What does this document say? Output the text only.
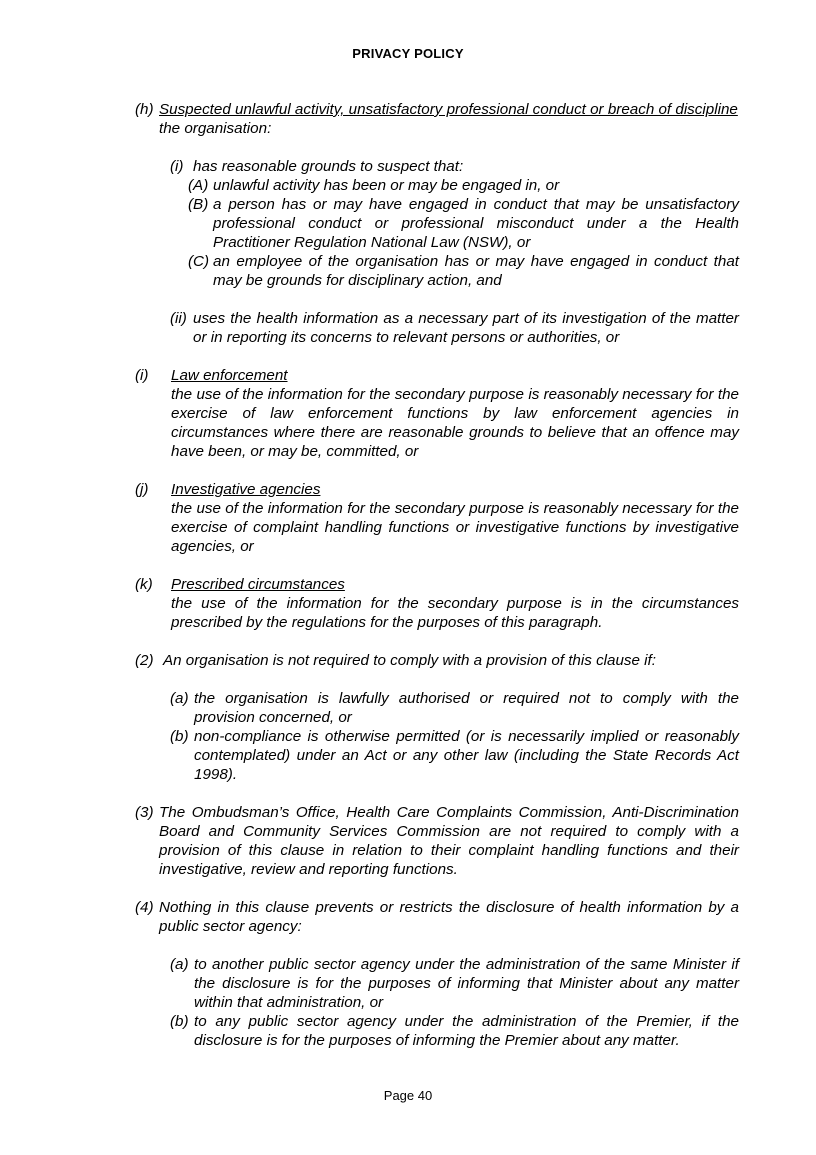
PRIVACY POLICY
(h) Suspected unlawful activity, unsatisfactory professional conduct or breach of discipline
the organisation:
(i) has reasonable grounds to suspect that:
(A) unlawful activity has been or may be engaged in, or
(B) a person has or may have engaged in conduct that may be unsatisfactory professional conduct or professional misconduct under a the Health Practitioner Regulation National Law (NSW), or
(C) an employee of the organisation has or may have engaged in conduct that may be grounds for disciplinary action, and
(ii) uses the health information as a necessary part of its investigation of the matter or in reporting its concerns to relevant persons or authorities, or
(i) Law enforcement
the use of the information for the secondary purpose is reasonably necessary for the exercise of law enforcement functions by law enforcement agencies in circumstances where there are reasonable grounds to believe that an offence may have been, or may be, committed, or
(j) Investigative agencies
the use of the information for the secondary purpose is reasonably necessary for the exercise of complaint handling functions or investigative functions by investigative agencies, or
(k) Prescribed circumstances
the use of the information for the secondary purpose is in the circumstances prescribed by the regulations for the purposes of this paragraph.
(2) An organisation is not required to comply with a provision of this clause if:
(a) the organisation is lawfully authorised or required not to comply with the provision concerned, or
(b) non-compliance is otherwise permitted (or is necessarily implied or reasonably contemplated) under an Act or any other law (including the State Records Act 1998).
(3) The Ombudsman’s Office, Health Care Complaints Commission, Anti-Discrimination Board and Community Services Commission are not required to comply with a provision of this clause in relation to their complaint handling functions and their investigative, review and reporting functions.
(4) Nothing in this clause prevents or restricts the disclosure of health information by a public sector agency:
(a) to another public sector agency under the administration of the same Minister if the disclosure is for the purposes of informing that Minister about any matter within that administration, or
(b) to any public sector agency under the administration of the Premier, if the disclosure is for the purposes of informing the Premier about any matter.
Page 40
